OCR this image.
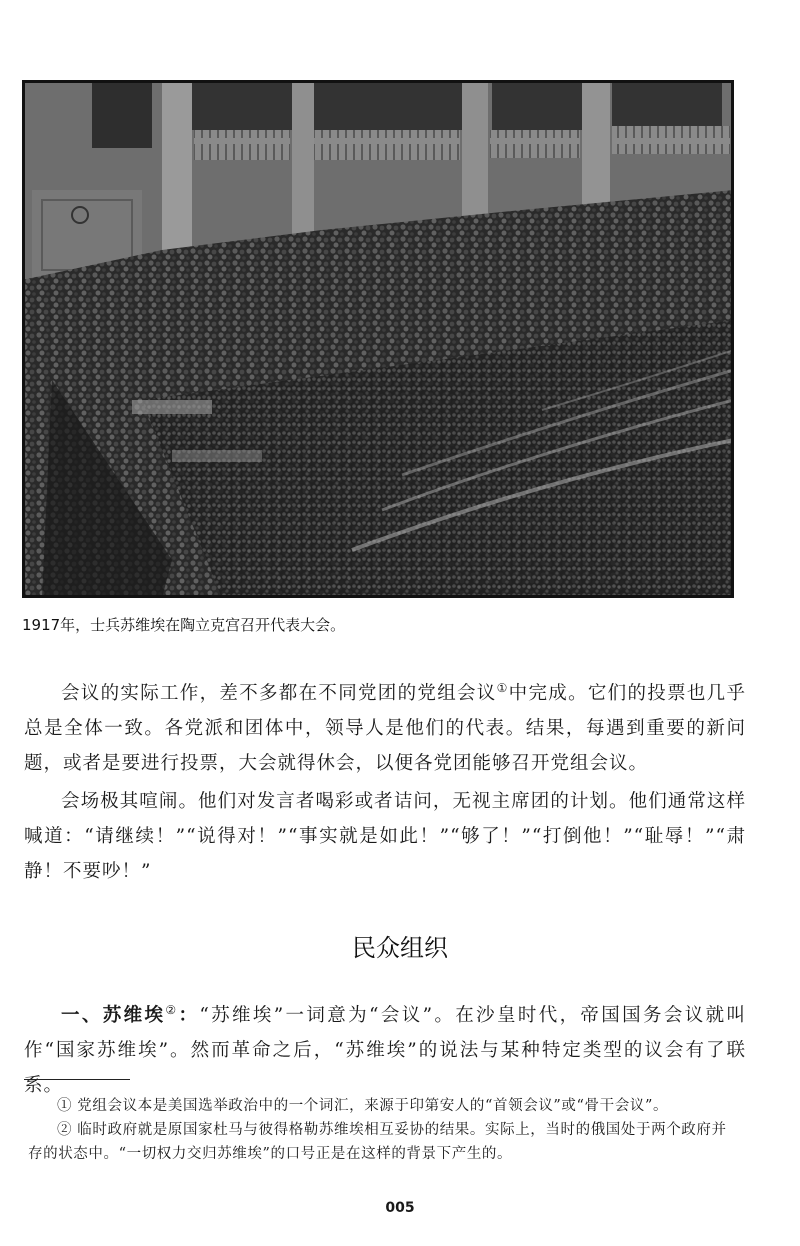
1917年，士兵苏维埃在陶立克宫召开代表大会。

会议的实际工作，差不多都在不同党团的党组会议①中完成。它们的投票也几乎总是全体一致。各党派和团体中，领导人是他们的代表。结果，每遇到重要的新问题，或者是要进行投票，大会就得休会，以便各党团能够召开党组会议。

会场极其喧闹。他们对发言者喝彩或者诘问，无视主席团的计划。他们通常这样喊道：“请继续！”“说得对！”“事实就是如此！”“够了！”“打倒他！”“耻辱！”“肃静！不要吵！”

民众组织

一、苏维埃②：“苏维埃”一词意为“会议”。在沙皇时代，帝国国务会议就叫作“国家苏维埃”。然而革命之后，“苏维埃”的说法与某种特定类型的议会有了联系。

① 党组会议本是美国选举政治中的一个词汇，来源于印第安人的“首领会议”或“骨干会议”。

② 临时政府就是原国家杜马与彼得格勒苏维埃相互妥协的结果。实际上，当时的俄国处于两个政府并存的状态中。“一切权力交归苏维埃”的口号正是在这样的背景下产生的。

005
